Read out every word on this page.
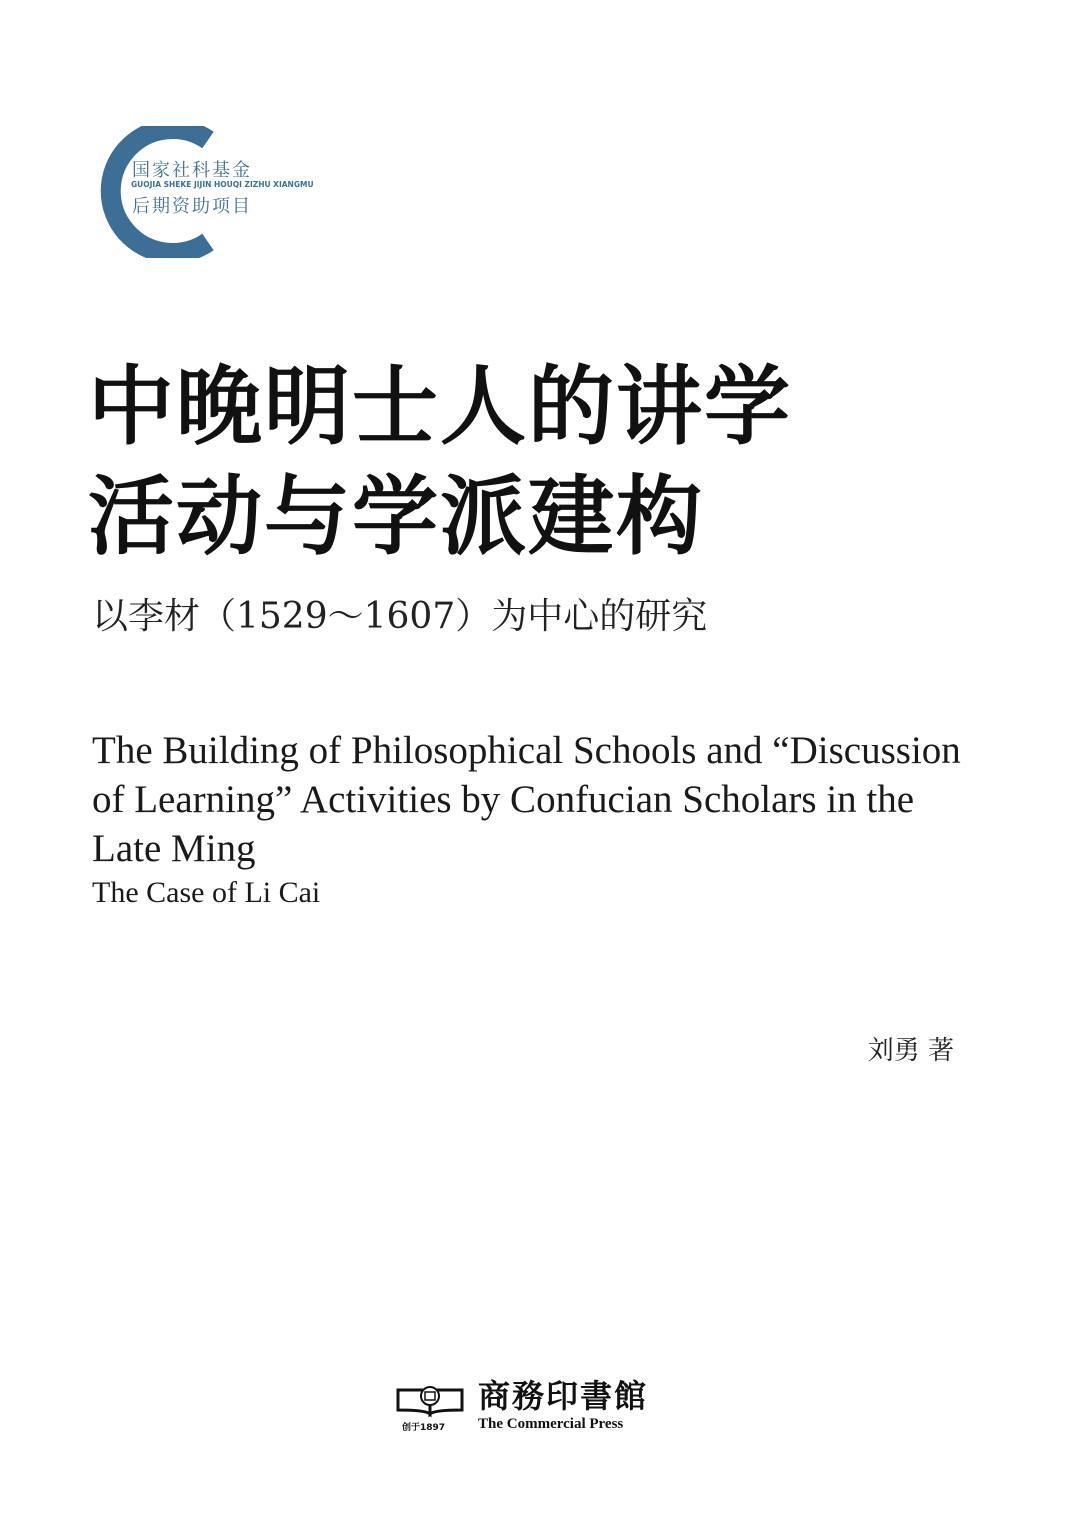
国家社科基金
GUOJIA SHEKE JIJIN HOUQI ZIZHU XIANGMU
后期资助项目
中晚明士人的讲学
活动与学派建构
以李材（1529～1607）为中心的研究
The Building of Philosophical Schools and “Discussion
of Learning” Activities by Confucian Scholars in the
Late Ming
The Case of Li Cai
刘勇 著
创于1897
商務印書館
The Commercial Press
